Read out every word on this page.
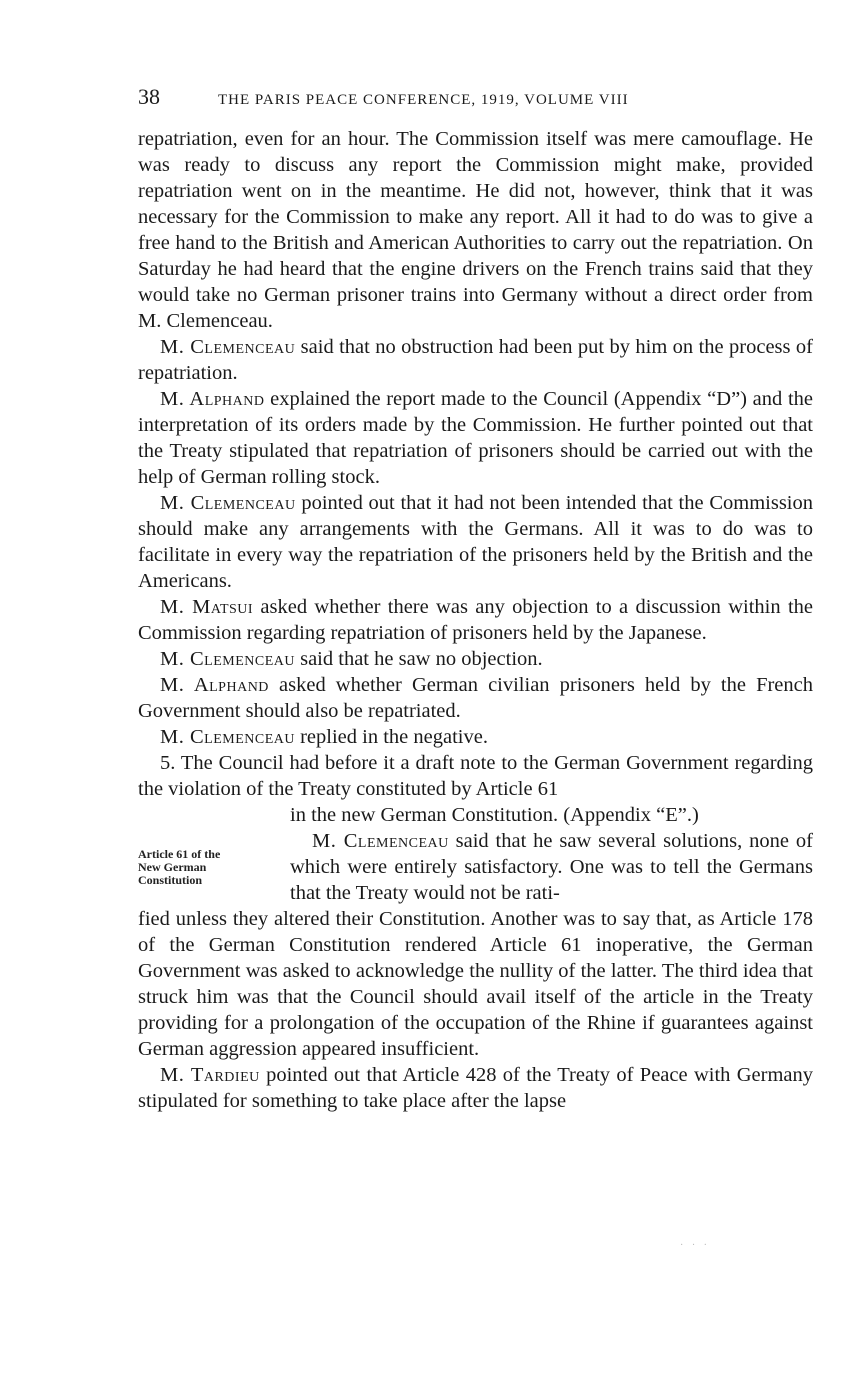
38	THE PARIS PEACE CONFERENCE, 1919, VOLUME VIII

repatriation, even for an hour. The Commission itself was mere camouflage. He was ready to discuss any report the Commission might make, provided repatriation went on in the meantime. He did not, however, think that it was necessary for the Commission to make any report. All it had to do was to give a free hand to the British and American Authorities to carry out the repatriation. On Saturday he had heard that the engine drivers on the French trains said that they would take no German prisoner trains into Germany without a direct order from M. Clemenceau.

M. Clemenceau said that no obstruction had been put by him on the process of repatriation.

M. Alphand explained the report made to the Council (Appendix “D”) and the interpretation of its orders made by the Commission. He further pointed out that the Treaty stipulated that repatriation of prisoners should be carried out with the help of German rolling stock.

M. Clemenceau pointed out that it had not been intended that the Commission should make any arrangements with the Germans. All it was to do was to facilitate in every way the repatriation of the prisoners held by the British and the Americans.

M. Matsui asked whether there was any objection to a discussion within the Commission regarding repatriation of prisoners held by the Japanese.

M. Clemenceau said that he saw no objection.

M. Alphand asked whether German civilian prisoners held by the French Government should also be repatriated.

M. Clemenceau replied in the negative.

5. The Council had before it a draft note to the German Government regarding the violation of the Treaty constituted by Article 61

Article 61 of the
New German
Constitution

in the new German Constitution. (Appendix “E”.)

M. Clemenceau said that he saw several solutions, none of which were entirely satisfactory. One was to tell the Germans that the Treaty would not be rati-

fied unless they altered their Constitution. Another was to say that, as Article 178 of the German Constitution rendered Article 61 inoperative, the German Government was asked to acknowledge the nullity of the latter. The third idea that struck him was that the Council should avail itself of the article in the Treaty providing for a prolongation of the occupation of the Rhine if guarantees against German aggression appeared insufficient.

M. Tardieu pointed out that Article 428 of the Treaty of Peace with Germany stipulated for something to take place after the lapse

· · ·
